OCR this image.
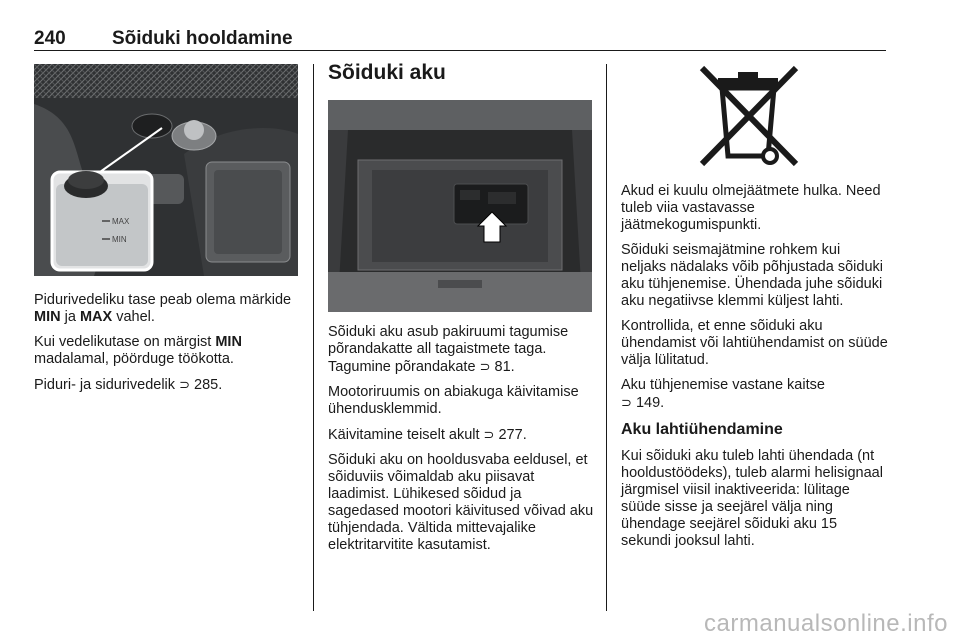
240 Sõiduki hooldamine
MAX
MIN

Pidurivedeliku tase peab olema märkide MIN ja MAX vahel.

Kui vedelikutase on märgist MIN madalamal, pöörduge töökotta.

Piduri- ja sidurivedelik ⊃ 285.

Sõiduki aku

Sõiduki aku asub pakiruumi tagumise põrandakatte all tagaistmete taga. Tagumine põrandakate ⊃ 81.

Mootoriruumis on abiakuga käivitamise ühendusklemmid.

Käivitamine teiselt akult ⊃ 277.

Sõiduki aku on hooldusvaba eeldusel, et sõiduviis võimaldab aku piisavat laadimist. Lühikesed sõidud ja sagedased mootori käivitused võivad aku tühjendada. Vältida mittevajalike elektritarvitite kasutamist.

Akud ei kuulu olmejäätmete hulka. Need tuleb viia vastavasse jäätmekogumispunkti.

Sõiduki seismajätmine rohkem kui neljaks nädalaks võib põhjustada sõiduki aku tühjenemise. Ühendada juhe sõiduki aku negatiivse klemmi küljest lahti.

Kontrollida, et enne sõiduki aku ühendamist või lahtiühendamist on süüde välja lülitatud.

Aku tühjenemise vastane kaitse
⊃ 149.

Aku lahtiühendamine

Kui sõiduki aku tuleb lahti ühendada (nt hooldustöödeks), tuleb alarmi helisignaal järgmisel viisil inaktiveerida: lülitage süüde sisse ja seejärel välja ning ühendage seejärel sõiduki aku 15 sekundi jooksul lahti.

carmanualsonline.info
